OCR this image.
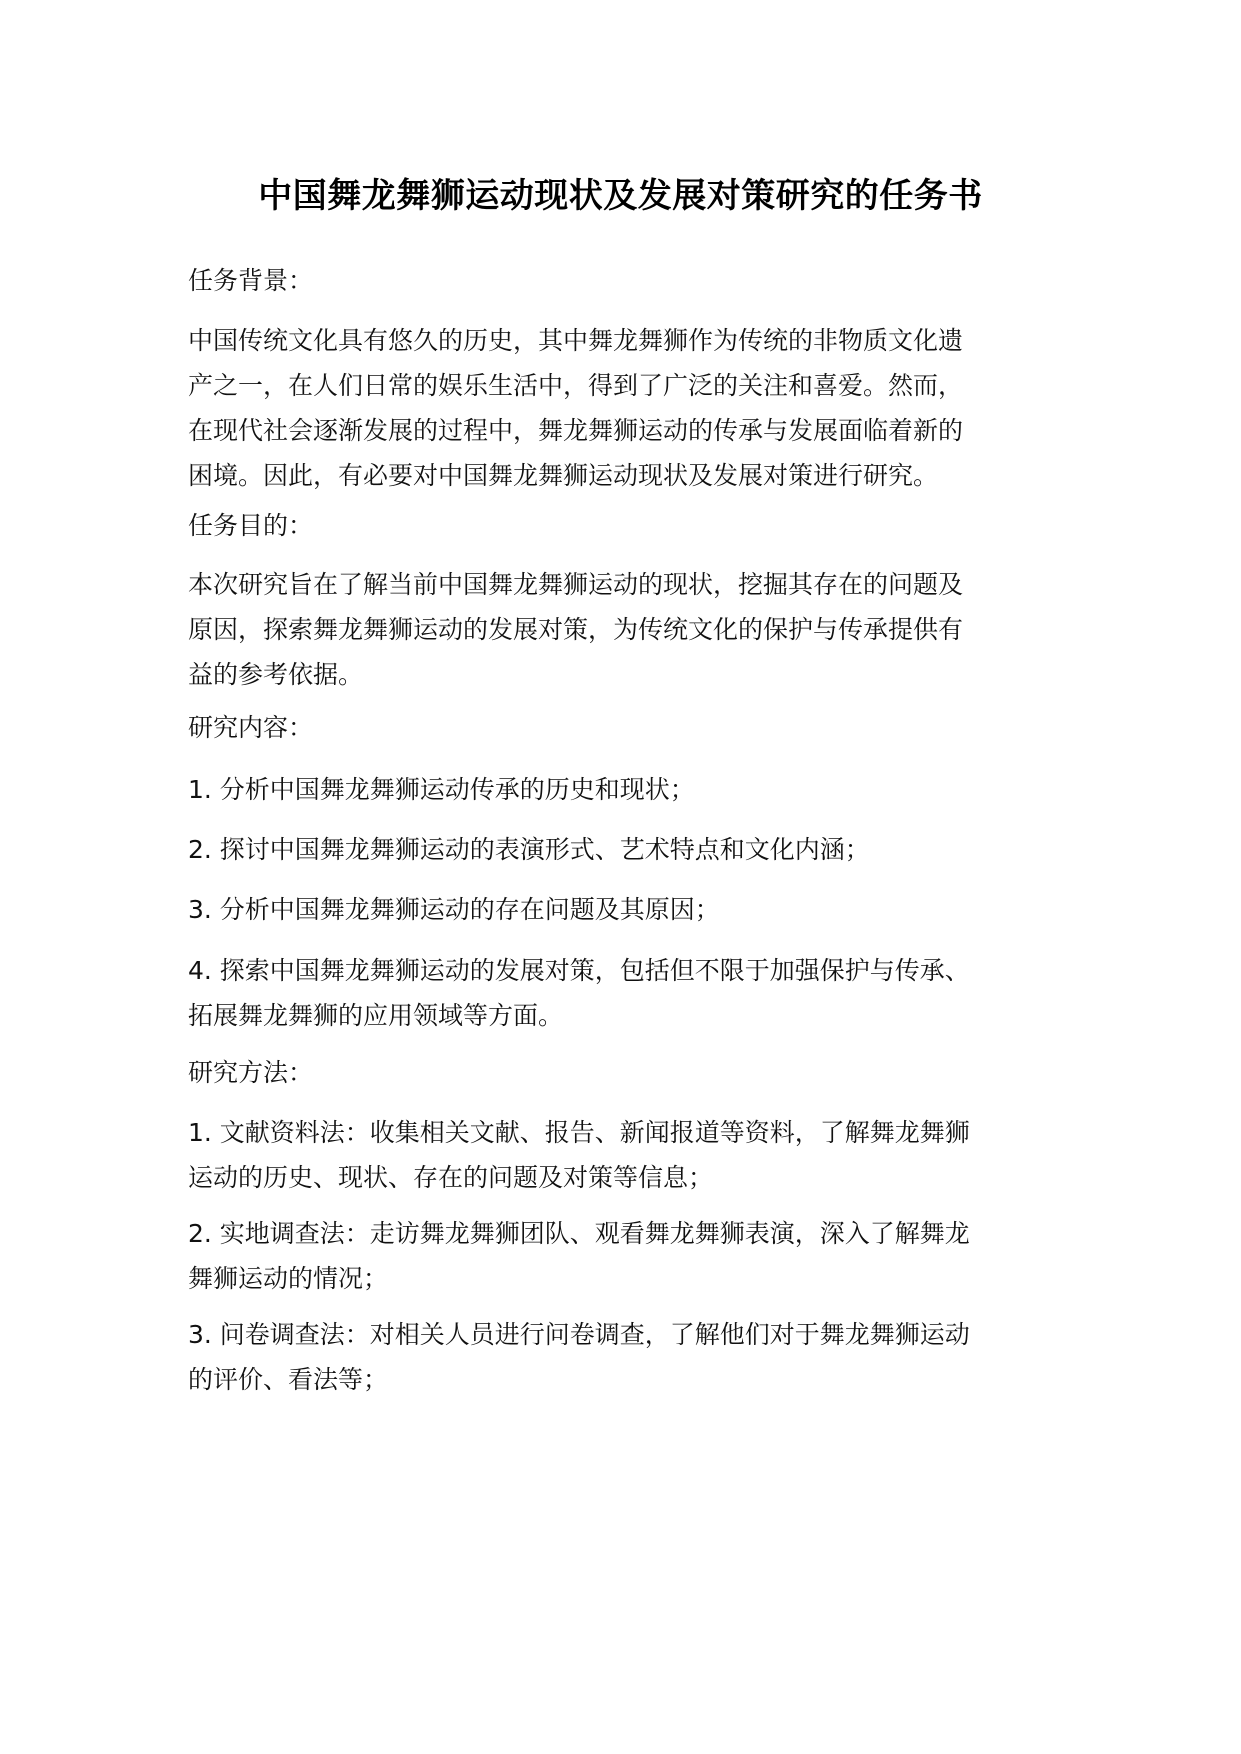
中国舞龙舞狮运动现状及发展对策研究的任务书

任务背景：

中国传统文化具有悠久的历史，其中舞龙舞狮作为传统的非物质文化遗
产之一，在人们日常的娱乐生活中，得到了广泛的关注和喜爱。然而，
在现代社会逐渐发展的过程中，舞龙舞狮运动的传承与发展面临着新的
困境。因此，有必要对中国舞龙舞狮运动现状及发展对策进行研究。

任务目的：

本次研究旨在了解当前中国舞龙舞狮运动的现状，挖掘其存在的问题及
原因，探索舞龙舞狮运动的发展对策，为传统文化的保护与传承提供有
益的参考依据。

研究内容：

1. 分析中国舞龙舞狮运动传承的历史和现状；

2. 探讨中国舞龙舞狮运动的表演形式、艺术特点和文化内涵；

3. 分析中国舞龙舞狮运动的存在问题及其原因；

4. 探索中国舞龙舞狮运动的发展对策，包括但不限于加强保护与传承、
拓展舞龙舞狮的应用领域等方面。

研究方法：

1. 文献资料法：收集相关文献、报告、新闻报道等资料，了解舞龙舞狮
运动的历史、现状、存在的问题及对策等信息；

2. 实地调查法：走访舞龙舞狮团队、观看舞龙舞狮表演，深入了解舞龙
舞狮运动的情况；

3. 问卷调查法：对相关人员进行问卷调查，了解他们对于舞龙舞狮运动
的评价、看法等；
